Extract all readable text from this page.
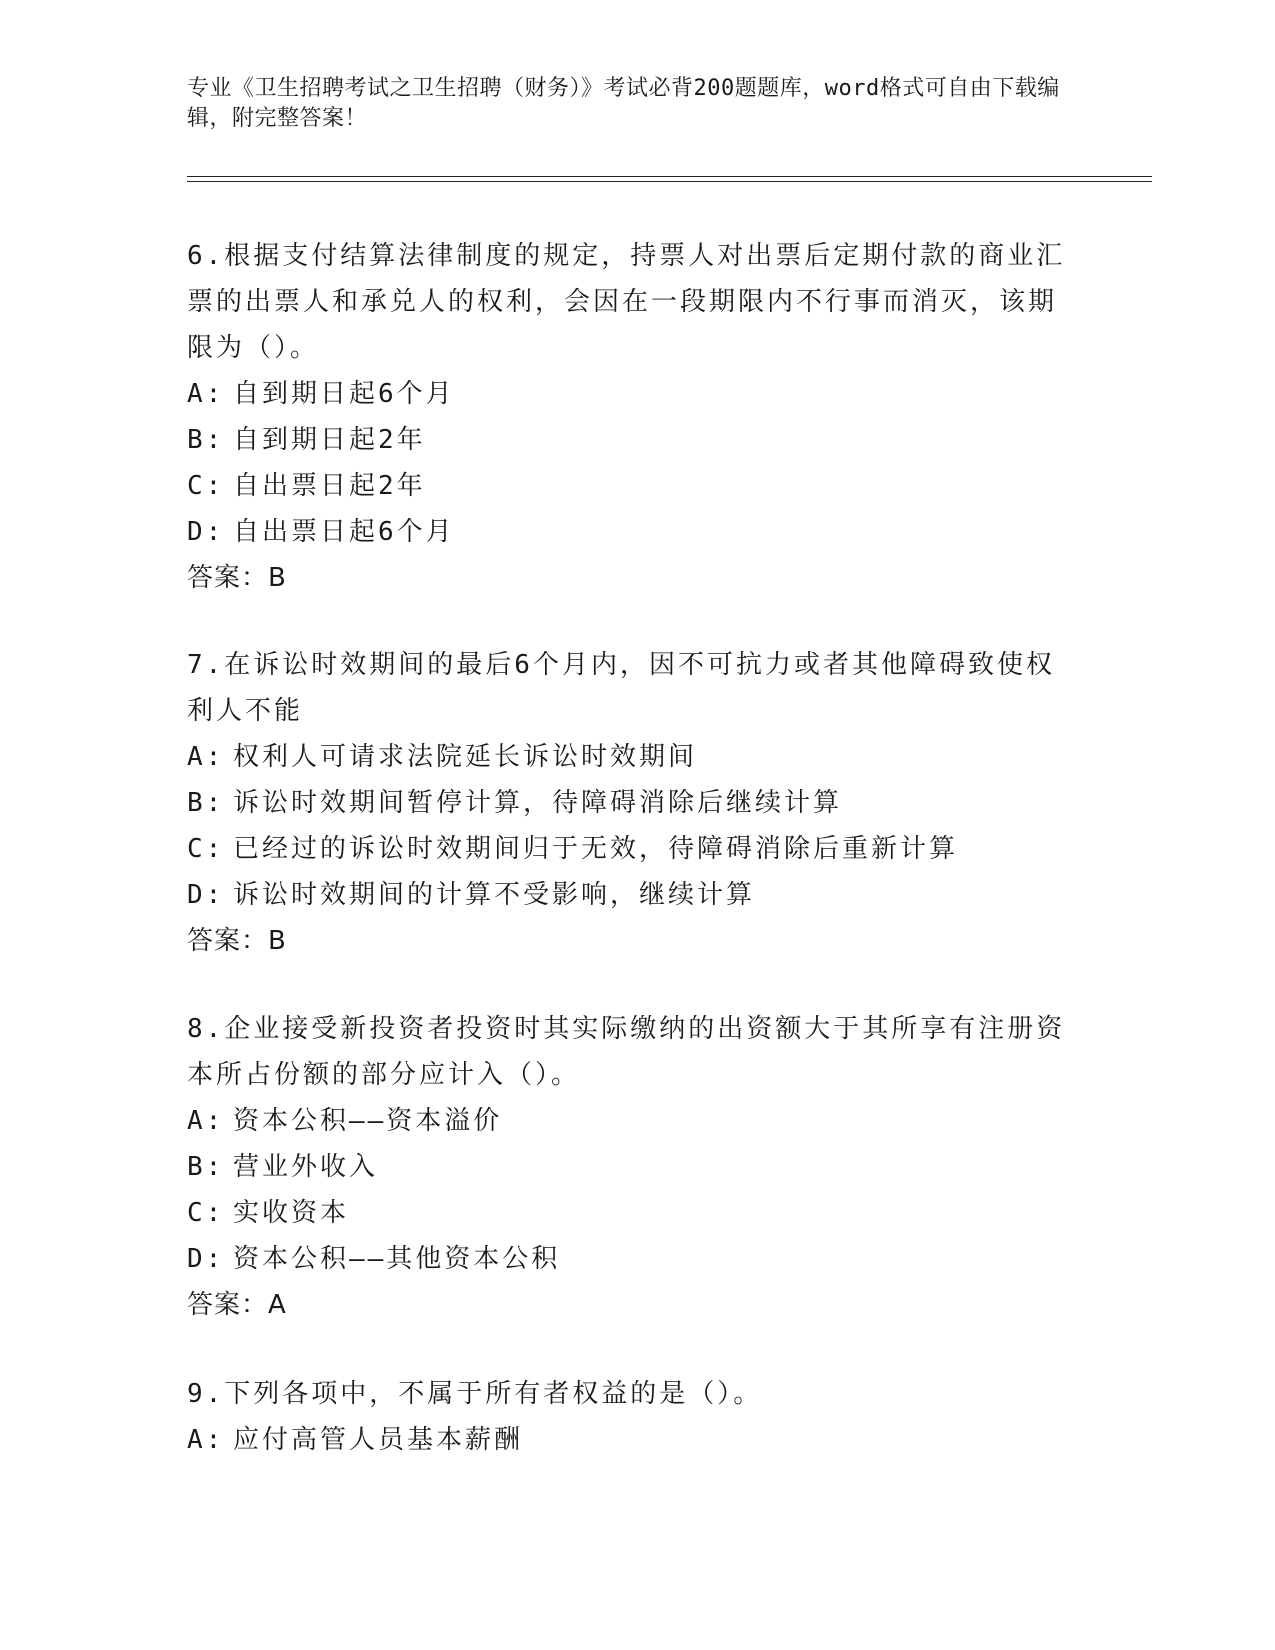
专业《卫生招聘考试之卫生招聘（财务）》考试必背200题题库，word格式可自由下载编辑，附完整答案！
6.根据支付结算法律制度的规定，持票人对出票后定期付款的商业汇票的出票人和承兑人的权利，会因在一段期限内不行事而消灭，该期限为（）。
A: 自到期日起6个月
B: 自到期日起2年
C: 自出票日起2年
D: 自出票日起6个月
答案：B
7.在诉讼时效期间的最后6个月内，因不可抗力或者其他障碍致使权利人不能
A: 权利人可请求法院延长诉讼时效期间
B: 诉讼时效期间暂停计算，待障碍消除后继续计算
C: 已经过的诉讼时效期间归于无效，待障碍消除后重新计算
D: 诉讼时效期间的计算不受影响，继续计算
答案：B
8.企业接受新投资者投资时其实际缴纳的出资额大于其所享有注册资本所占份额的部分应计入（）。
A: 资本公积——资本溢价
B: 营业外收入
C: 实收资本
D: 资本公积——其他资本公积
答案：A
9.下列各项中，不属于所有者权益的是（）。
A: 应付高管人员基本薪酬
